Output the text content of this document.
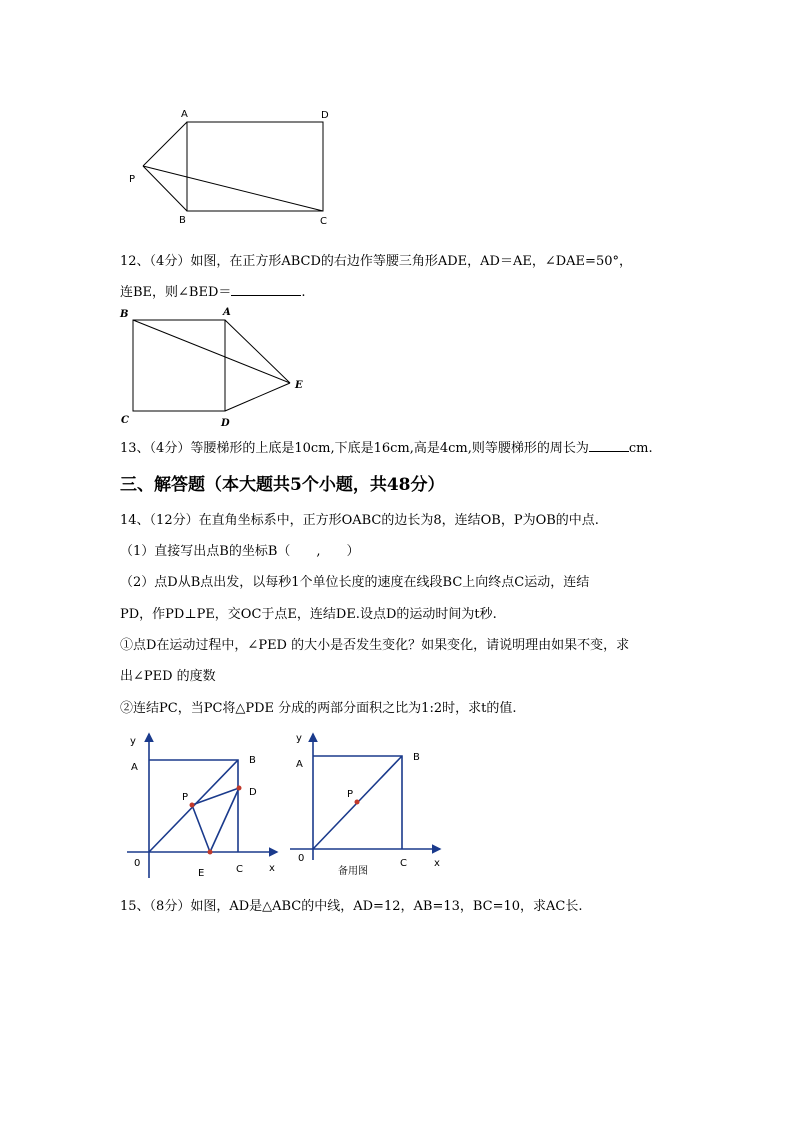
A	D
P
B	C
12、（4分）如图，在正方形ABCD的右边作等腰三角形ADE，AD＝AE，∠DAE=50°，
连BE，则∠BED＝	.
B	A
E
C	D
13、（4分）等腰梯形的上底是10cm,下底是16cm,高是4cm,则等腰梯形的周长为	cm.
三、解答题（本大题共5个小题，共48分）
14、（12分）在直角坐标系中，正方形OABC的边长为8，连结OB，P为OB的中点.
（1）直接写出点B的坐标B（　　,　　）
（2）点D从B点出发，以每秒1个单位长度的速度在线段BC上向终点C运动，连结
PD，作PD⊥PE，交OC于点E，连结DE.设点D的运动时间为t秒.
①点D在运动过程中，∠PED 的大小是否发生变化？如果变化，请说明理由如果不变，求
出∠PED 的度数
②连结PC，当PC将△PDE 分成的两部分面积之比为1:2时，求t的值.
y
A
B
P	D
0
E	C	x
y
A
B
P
0	C	x
备用图
15、（8分）如图，AD是△ABC的中线，AD=12，AB=13，BC=10，求AC长.
